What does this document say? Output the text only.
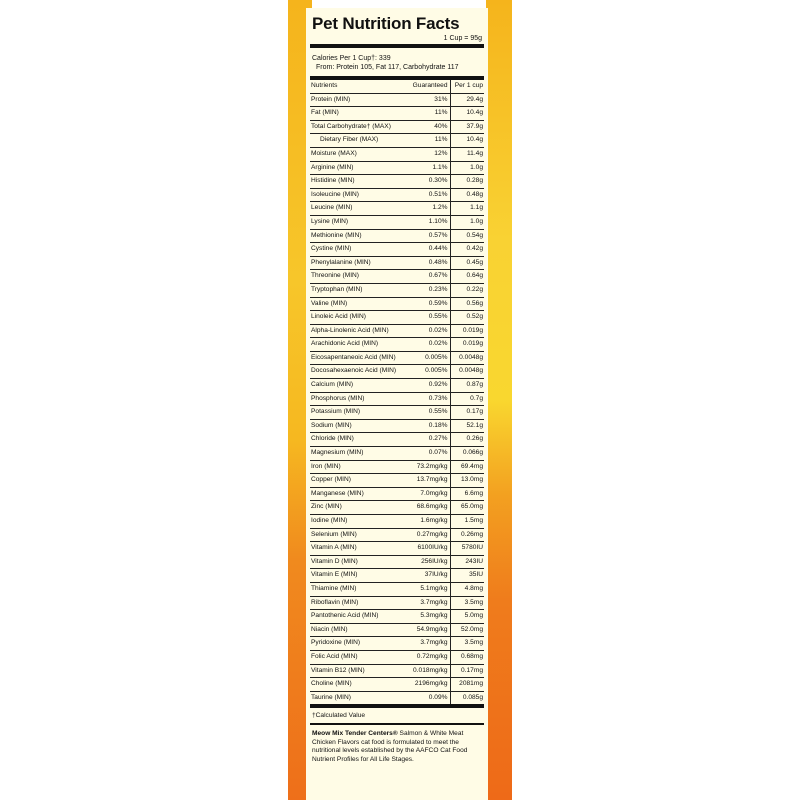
Pet Nutrition Facts
1 Cup = 95g
Calories Per 1 Cup†: 339
From: Protein 105, Fat 117, Carbohydrate 117
Nutrients	Guaranteed	Per 1 cup
Protein (MIN)	31%	29.4g
Fat (MIN)	11%	10.4g
Total Carbohydrate† (MAX)	40%	37.9g
Dietary Fiber (MAX)	11%	10.4g
Moisture (MAX)	12%	11.4g
Arginine (MIN)	1.1%	1.0g
Histidine (MIN)	0.30%	0.28g
Isoleucine (MIN)	0.51%	0.48g
Leucine (MIN)	1.2%	1.1g
Lysine (MIN)	1.10%	1.0g
Methionine (MIN)	0.57%	0.54g
Cystine (MIN)	0.44%	0.42g
Phenylalanine (MIN)	0.48%	0.45g
Threonine (MIN)	0.67%	0.64g
Tryptophan (MIN)	0.23%	0.22g
Valine (MIN)	0.59%	0.56g
Linoleic Acid (MIN)	0.55%	0.52g
Alpha-Linolenic Acid (MIN)	0.02%	0.019g
Arachidonic Acid (MIN)	0.02%	0.019g
Eicosapentaneoic Acid (MIN)	0.005%	0.0048g
Docosahexaenoic Acid (MIN)	0.005%	0.0048g
Calcium (MIN)	0.92%	0.87g
Phosphorus (MIN)	0.73%	0.7g
Potassium (MIN)	0.55%	0.17g
Sodium (MIN)	0.18%	52.1g
Chloride (MIN)	0.27%	0.26g
Magnesium (MIN)	0.07%	0.066g
Iron (MIN)	73.2mg/kg	69.4mg
Copper (MIN)	13.7mg/kg	13.0mg
Manganese (MIN)	7.0mg/kg	6.6mg
Zinc (MIN)	68.6mg/kg	65.0mg
Iodine (MIN)	1.6mg/kg	1.5mg
Selenium (MIN)	0.27mg/kg	0.26mg
Vitamin A (MIN)	6100IU/kg	5780IU
Vitamin D (MIN)	256IU/kg	243IU
Vitamin E (MIN)	37IU/kg	35IU
Thiamine (MIN)	5.1mg/kg	4.8mg
Riboflavin (MIN)	3.7mg/kg	3.5mg
Pantothenic Acid (MIN)	5.3mg/kg	5.0mg
Niacin (MIN)	54.9mg/kg	52.0mg
Pyridoxine (MIN)	3.7mg/kg	3.5mg
Folic Acid (MIN)	0.72mg/kg	0.68mg
Vitamin B12 (MIN)	0.018mg/kg	0.17mg
Choline (MIN)	2196mg/kg	2081mg
Taurine (MIN)	0.09%	0.085g
†Calculated Value
Meow Mix Tender Centers® Salmon & White Meat Chicken Flavors cat food is formulated to meet the nutritional levels established by the AAFCO Cat Food Nutrient Profiles for All Life Stages.
